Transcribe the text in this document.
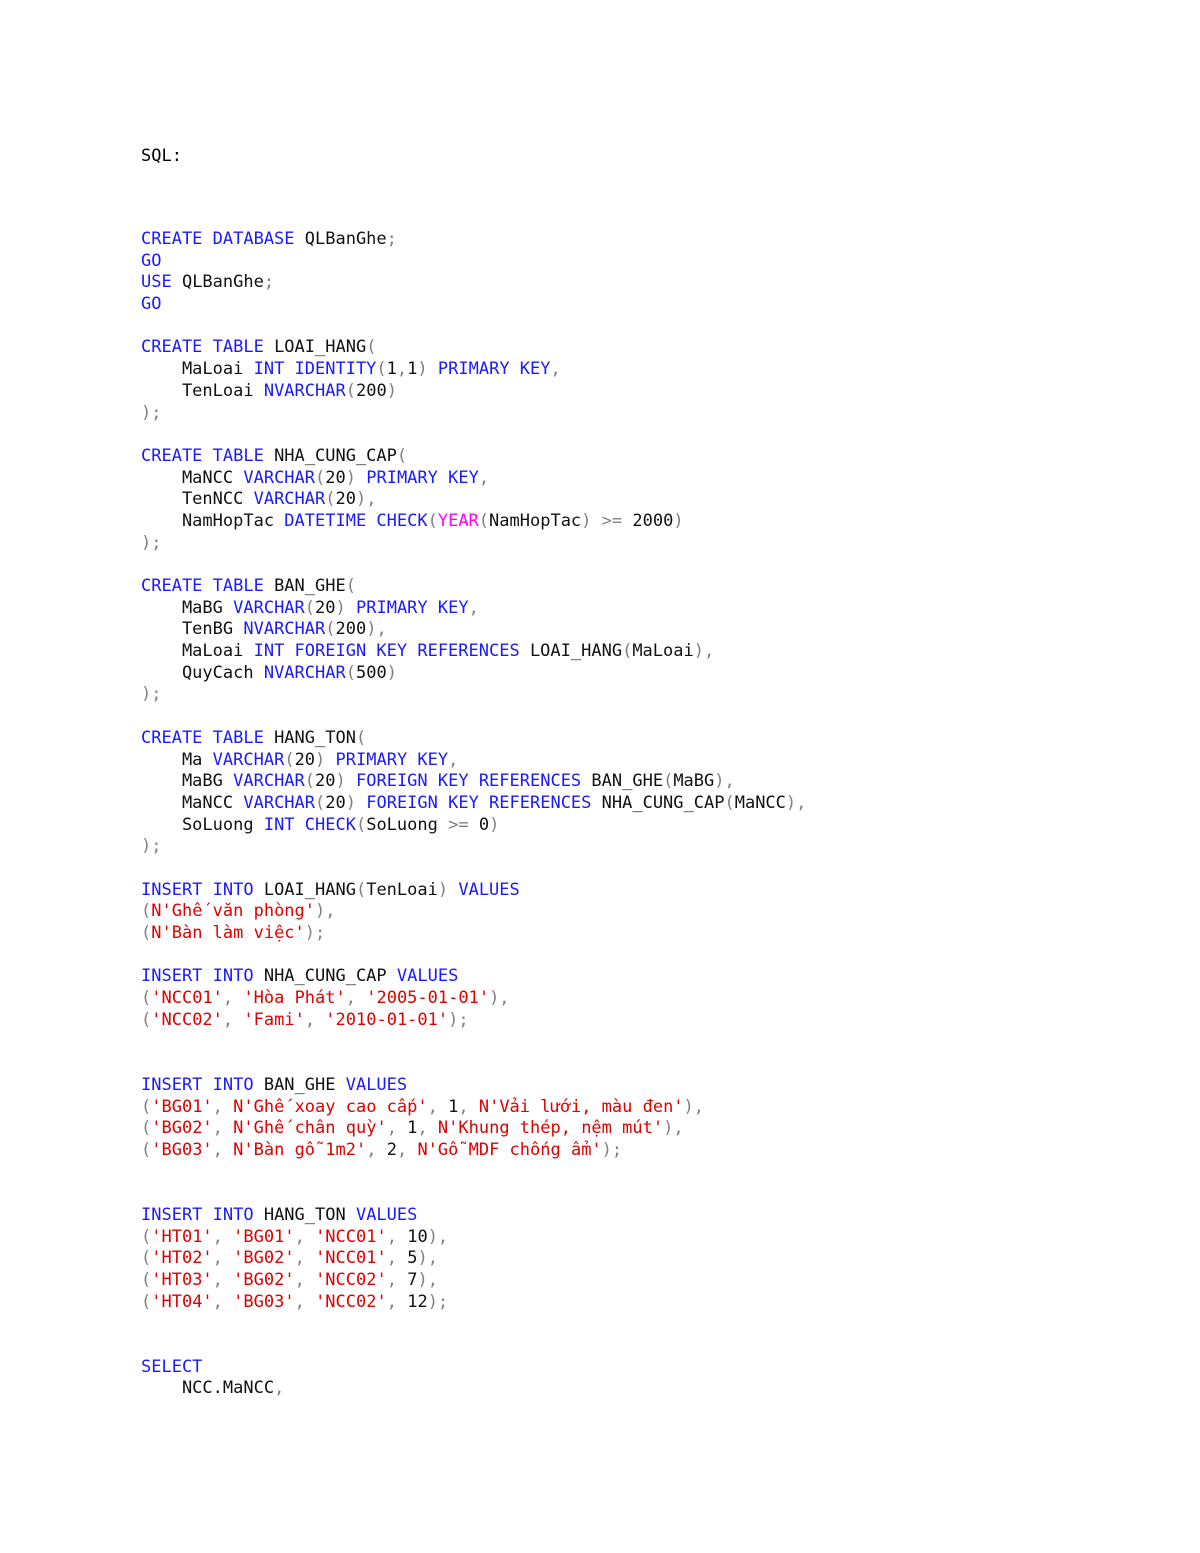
SQL:
CREATE DATABASE QLBanGhe;
GO
USE QLBanGhe;
GO
CREATE TABLE LOAI_HANG(
MaLoai INT IDENTITY(1,1) PRIMARY KEY,
TenLoai NVARCHAR(200)
);
CREATE TABLE NHA_CUNG_CAP(
MaNCC VARCHAR(20) PRIMARY KEY,
TenNCC VARCHAR(20),
NamHopTac DATETIME CHECK(YEAR(NamHopTac) >= 2000)
);
CREATE TABLE BAN_GHE(
MaBG VARCHAR(20) PRIMARY KEY,
TenBG NVARCHAR(200),
MaLoai INT FOREIGN KEY REFERENCES LOAI_HANG(MaLoai),
QuyCach NVARCHAR(500)
);
CREATE TABLE HANG_TON(
Ma VARCHAR(20) PRIMARY KEY,
MaBG VARCHAR(20) FOREIGN KEY REFERENCES BAN_GHE(MaBG),
MaNCC VARCHAR(20) FOREIGN KEY REFERENCES NHA_CUNG_CAP(MaNCC),
SoLuong INT CHECK(SoLuong >= 0)
);
INSERT INTO LOAI_HANG(TenLoai) VALUES
(N'Ghế văn phòng'),
(N'Bàn làm việc');
INSERT INTO NHA_CUNG_CAP VALUES
('NCC01', 'Hòa Phát', '2005-01-01'),
('NCC02', 'Fami', '2010-01-01');
INSERT INTO BAN_GHE VALUES
('BG01', N'Ghế xoay cao cấp', 1, N'Vải lưới, màu đen'),
('BG02', N'Ghế chân quỳ', 1, N'Khung thép, nệm mút'),
('BG03', N'Bàn gỗ 1m2', 2, N'Gỗ MDF chống ẩm');
INSERT INTO HANG_TON VALUES
('HT01', 'BG01', 'NCC01', 10),
('HT02', 'BG02', 'NCC01', 5),
('HT03', 'BG02', 'NCC02', 7),
('HT04', 'BG03', 'NCC02', 12);
SELECT
NCC.MaNCC,
